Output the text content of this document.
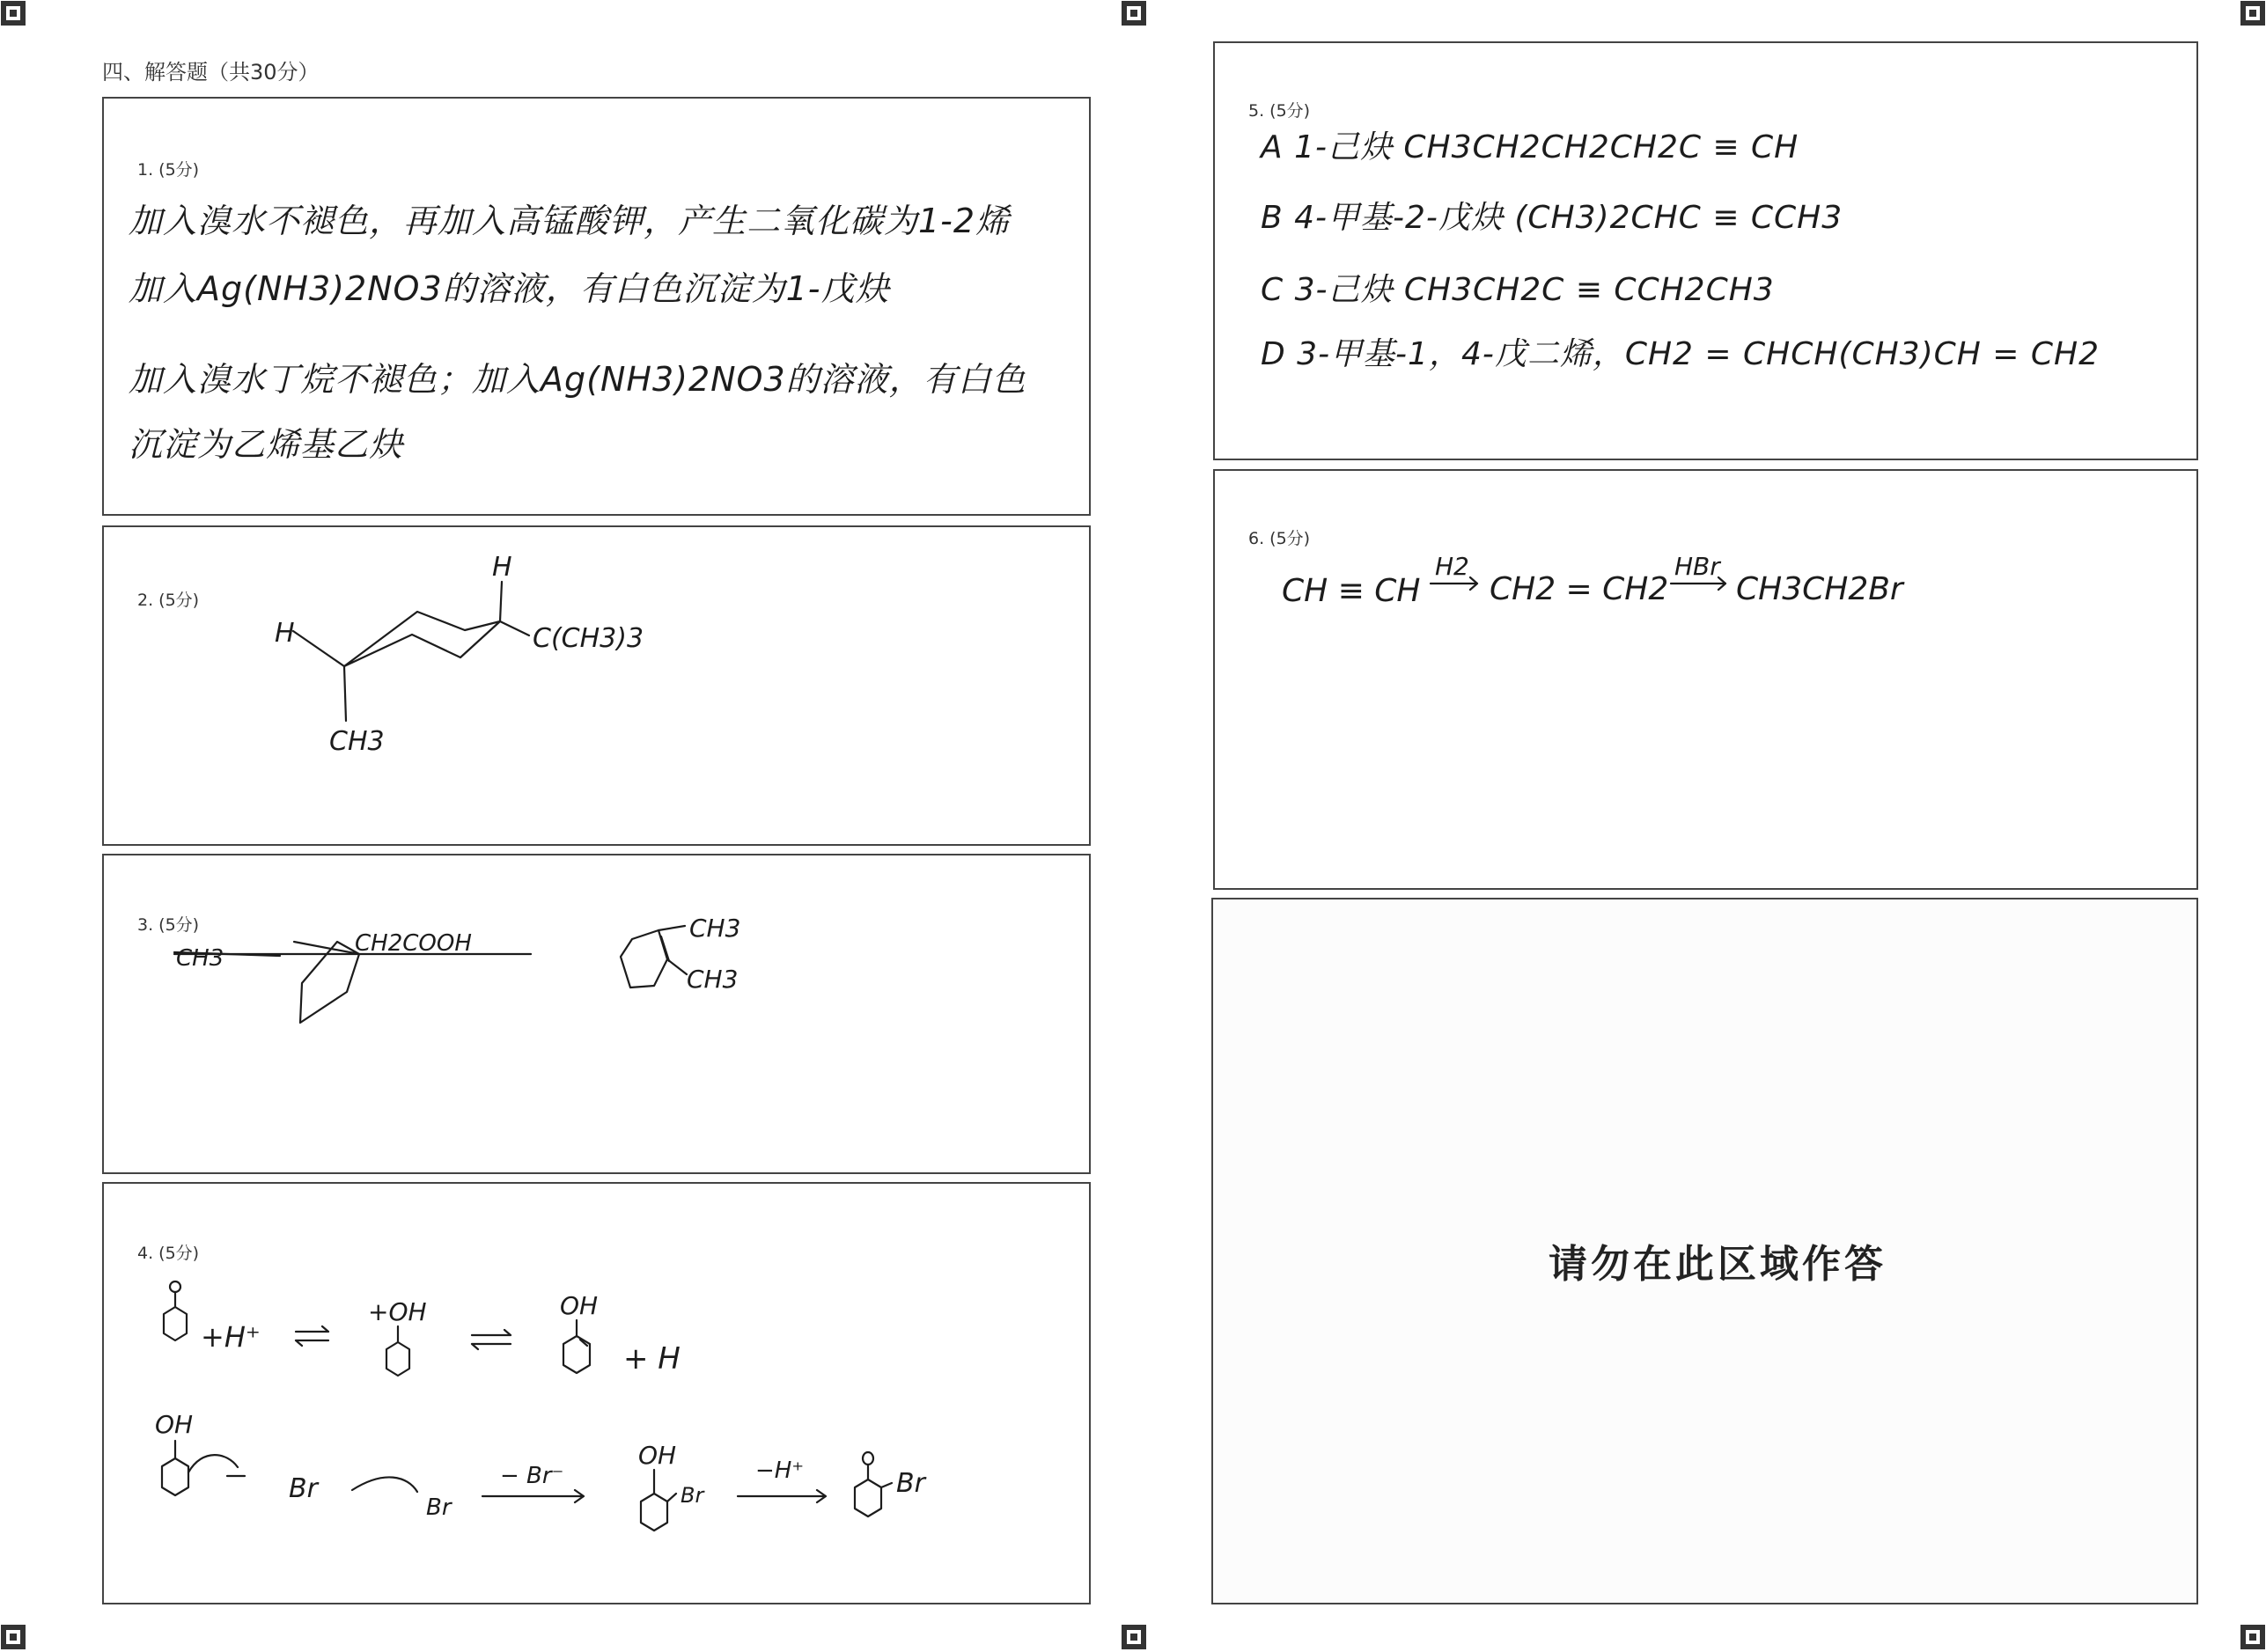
四、解答题（共30分）
1. (5分)
加入溴水不褪色，再加入高锰酸钾，产生二氧化碳为1-2烯
加入Ag(NH3)2NO3的溶液，有白色沉淀为1-戊炔
加入溴水丁烷不褪色；加入Ag(NH3)2NO3的溶液，有白色
沉淀为乙烯基乙炔
2. (5分)
H
H
CH3
C(CH3)3
3. (5分)
CH3
CH2COOH
CH3
CH3
4. (5分)
+H⁺
+OH	OH
+ H
OH
Br
Br
− Br⁻
OH
Br
−H⁺	Br
5. (5分)
A 1-己炔 CH3CH2CH2CH2C ≡ CH
B 4-甲基-2-戊炔 (CH3)2CHC ≡ CCH3
C 3-己炔 CH3CH2C ≡ CCH2CH3
D 3-甲基-1，4-戊二烯，CH2 = CHCH(CH3)CH = CH2
6. (5分)
CH ≡ CH
H2
CH2 = CH2
HBr
CH3CH2Br
请勿在此区域作答
